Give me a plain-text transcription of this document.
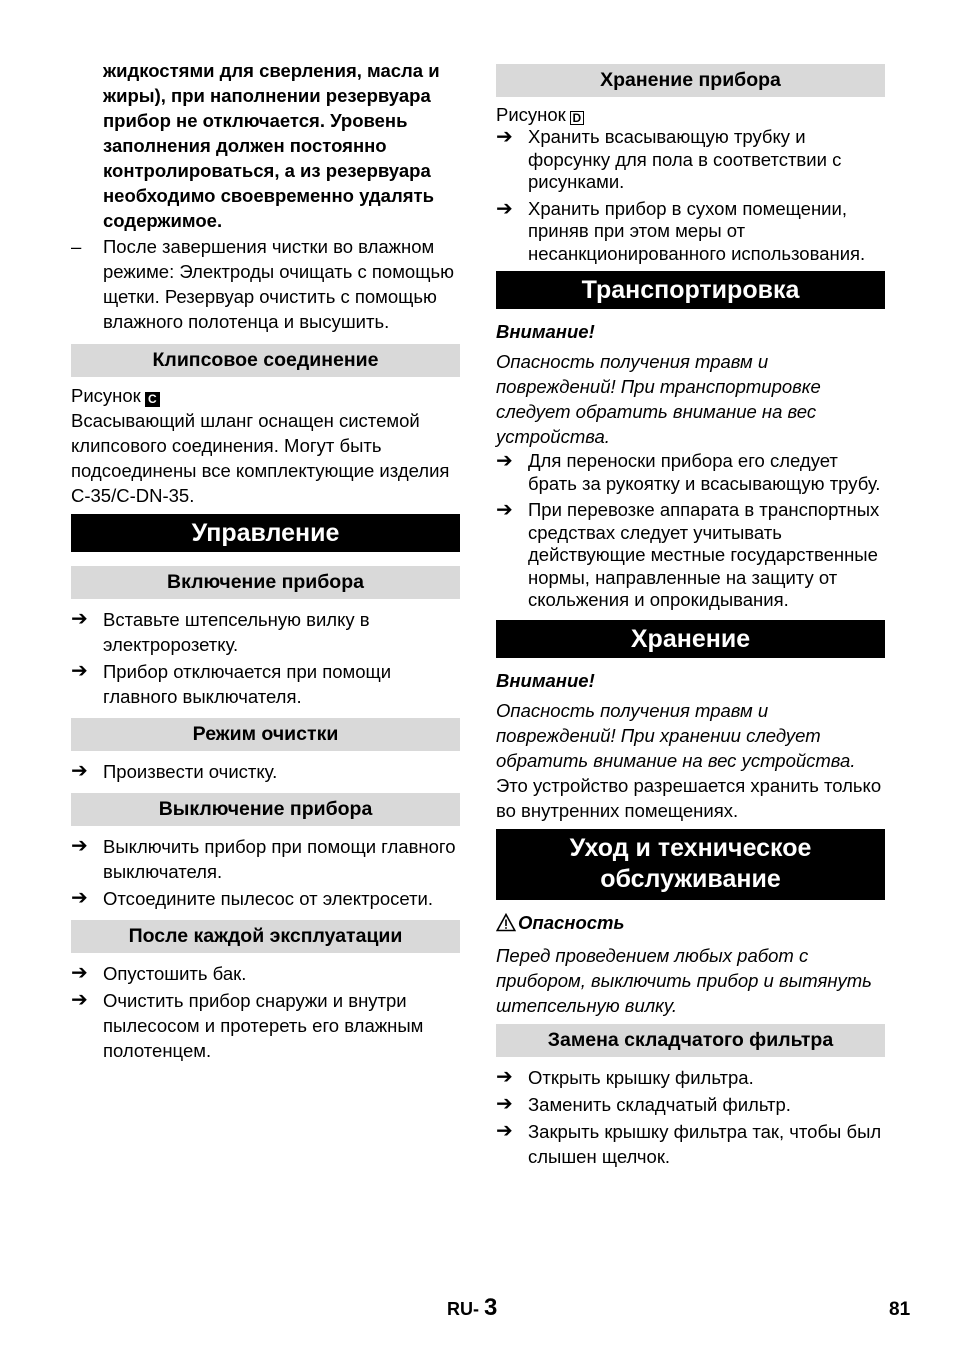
жидкостями для сверления, масла и жиры), при наполнении резервуара прибор не отключается. Уровень заполнения должен постоянно контролироваться, а из резервуара необходимо своевременно удалять содержимое.

– После завершения чистки во влажном режиме: Электроды очищать с помощью щетки. Резервуар очистить с помощью влажного полотенца и высушить.
Клипсовое соединение

Рисунок C

Всасывающий шланг оснащен системой клипсового соединения. Могут быть подсоединены все комплектующие изделия С-35/С-DN-35.

Управление
Включение прибора
➔ Вставьте штепсельную вилку в электророзетку.
➔ Прибор отключается при помощи главного выключателя.
Режим очистки
➔ Произвести очистку.
Выключение прибора
➔ Выключить прибор при помощи главного выключателя.
➔ Отсоедините пылесос от электросети.
После каждой эксплуатации
➔ Опустошить бак.
➔ Очистить прибор снаружи и внутри пылесосом и протереть его влажным полотенцем.
Хранение прибора

Рисунок D

➔ Хранить всасывающую трубку и форсунку для пола в соответствии с рисунками.
➔ Хранить прибор в сухом помещении, приняв при этом меры от несанкционированного использования.
Транспортировка

Внимание!

Опасность получения травм и повреждений! При транспортировке следует обратить внимание на вес устройства.

➔ Для переноски прибора его следует брать за рукоятку и всасывающую трубу.
➔ При перевозке аппарата в транспортных средствах следует учитывать действующие местные государственные нормы, направленные на защиту от скольжения и опрокидывания.
Хранение

Внимание!

Опасность получения травм и повреждений! При хранении следует обратить внимание на вес устройства.

Это устройство разрешается хранить только во внутренних помещениях.

Уход и техническое
обслуживание

Опасность

Перед проведением любых работ с прибором, выключить прибор и вытянуть штепсельную вилку.

Замена складчатого фильтра
➔ Открыть крышку фильтра.
➔ Заменить складчатый фильтр.
➔ Закрыть крышку фильтра так, чтобы был слышен щелчок.
RU- 3	81
